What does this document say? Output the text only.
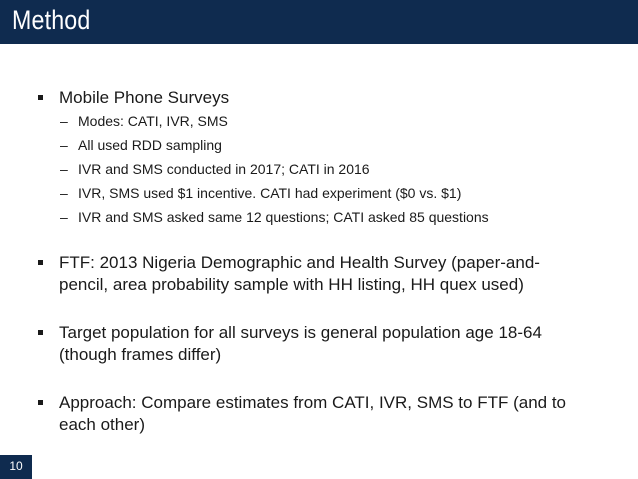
Method
Mobile Phone Surveys
– Modes: CATI, IVR, SMS
– All used RDD sampling
– IVR and SMS conducted in 2017; CATI in 2016
– IVR, SMS used $1 incentive. CATI had experiment ($0 vs. $1)
– IVR and SMS asked same 12 questions; CATI asked 85 questions
FTF: 2013 Nigeria Demographic and Health Survey (paper-and-
pencil, area probability sample with HH listing, HH quex used)
Target population for all surveys is general population age 18-64
(though frames differ)
Approach: Compare estimates from CATI, IVR, SMS to FTF (and to
each other)
10
